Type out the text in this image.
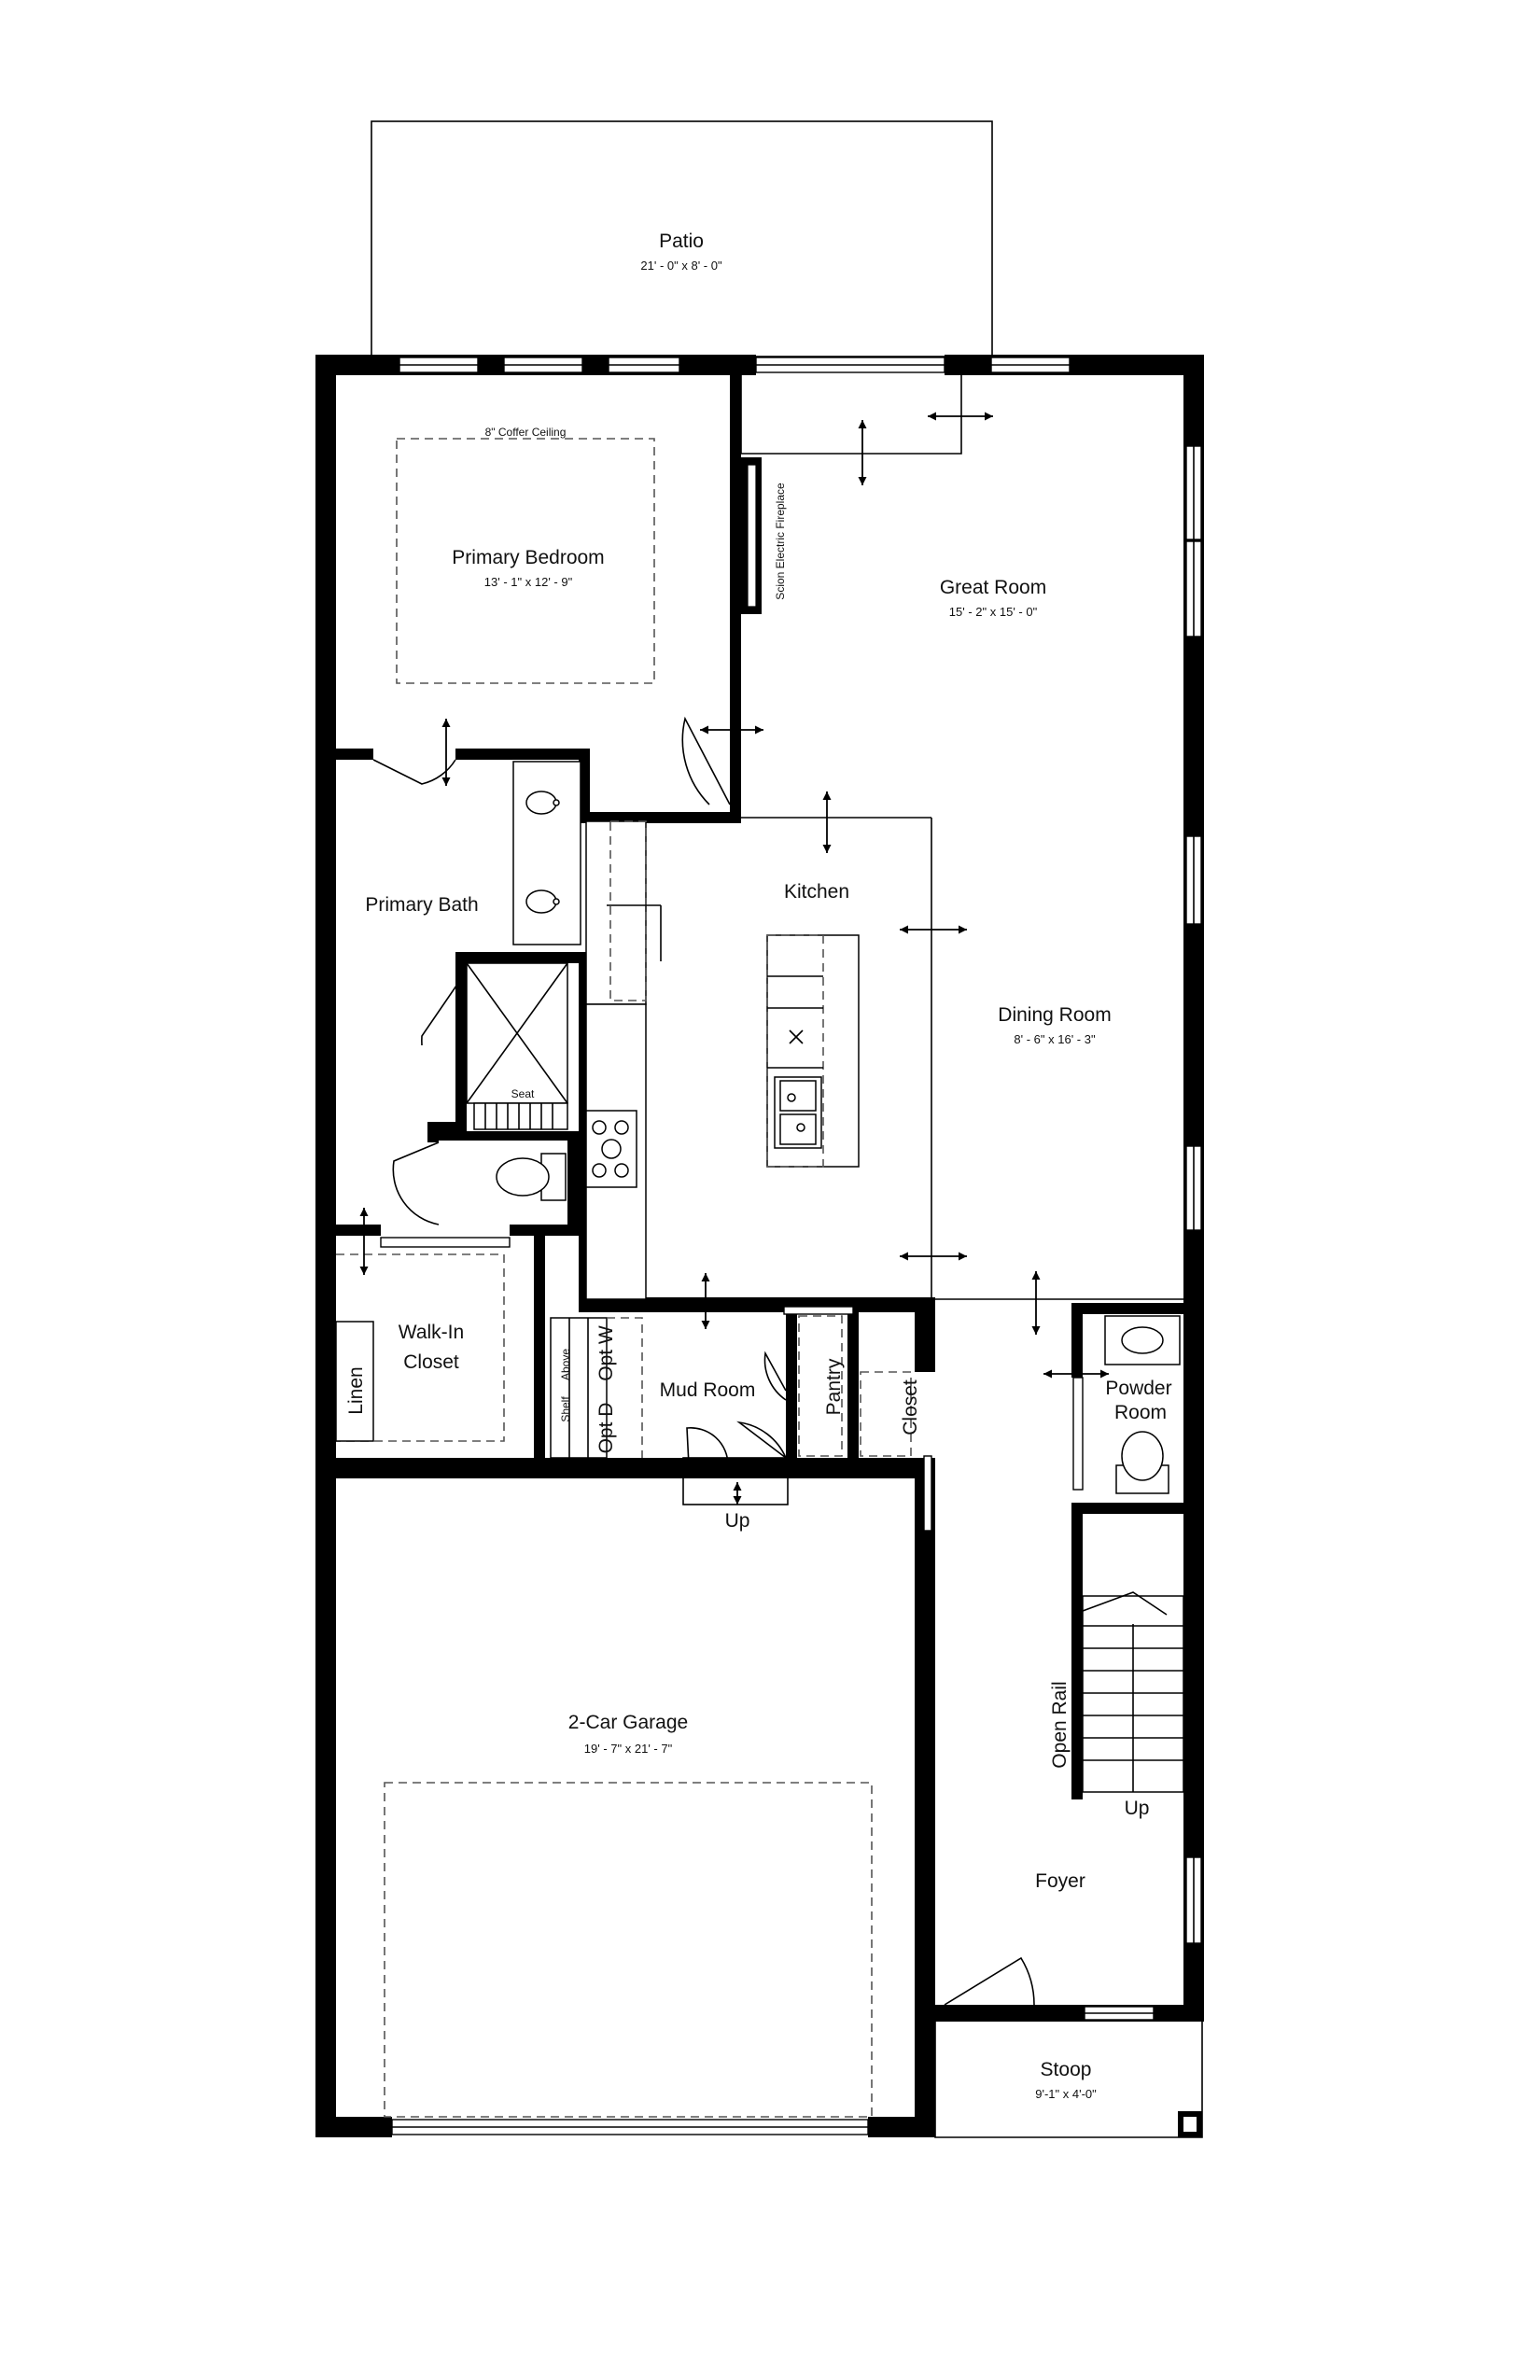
Patio
21' - 0" x 8' - 0"
8" Coffer Ceiling
Primary Bedroom
13' - 1" x 12' - 9"	Scion Electric Fireplace	Great Room
15' - 2" x 15' - 0"
Primary Bath
Seat
Kitchen
Dining Room
8' - 6" x 16' - 3"
Walk-In
Closet
Linen	Shelf
Above Opt W
Opt D
Mud Room
Up
Pantry	Closet	Powder
Room
2-Car Garage
19' - 7" x 21' - 7"	Open Rail
Up
Foyer
Stoop
9'-1" x 4'-0"
